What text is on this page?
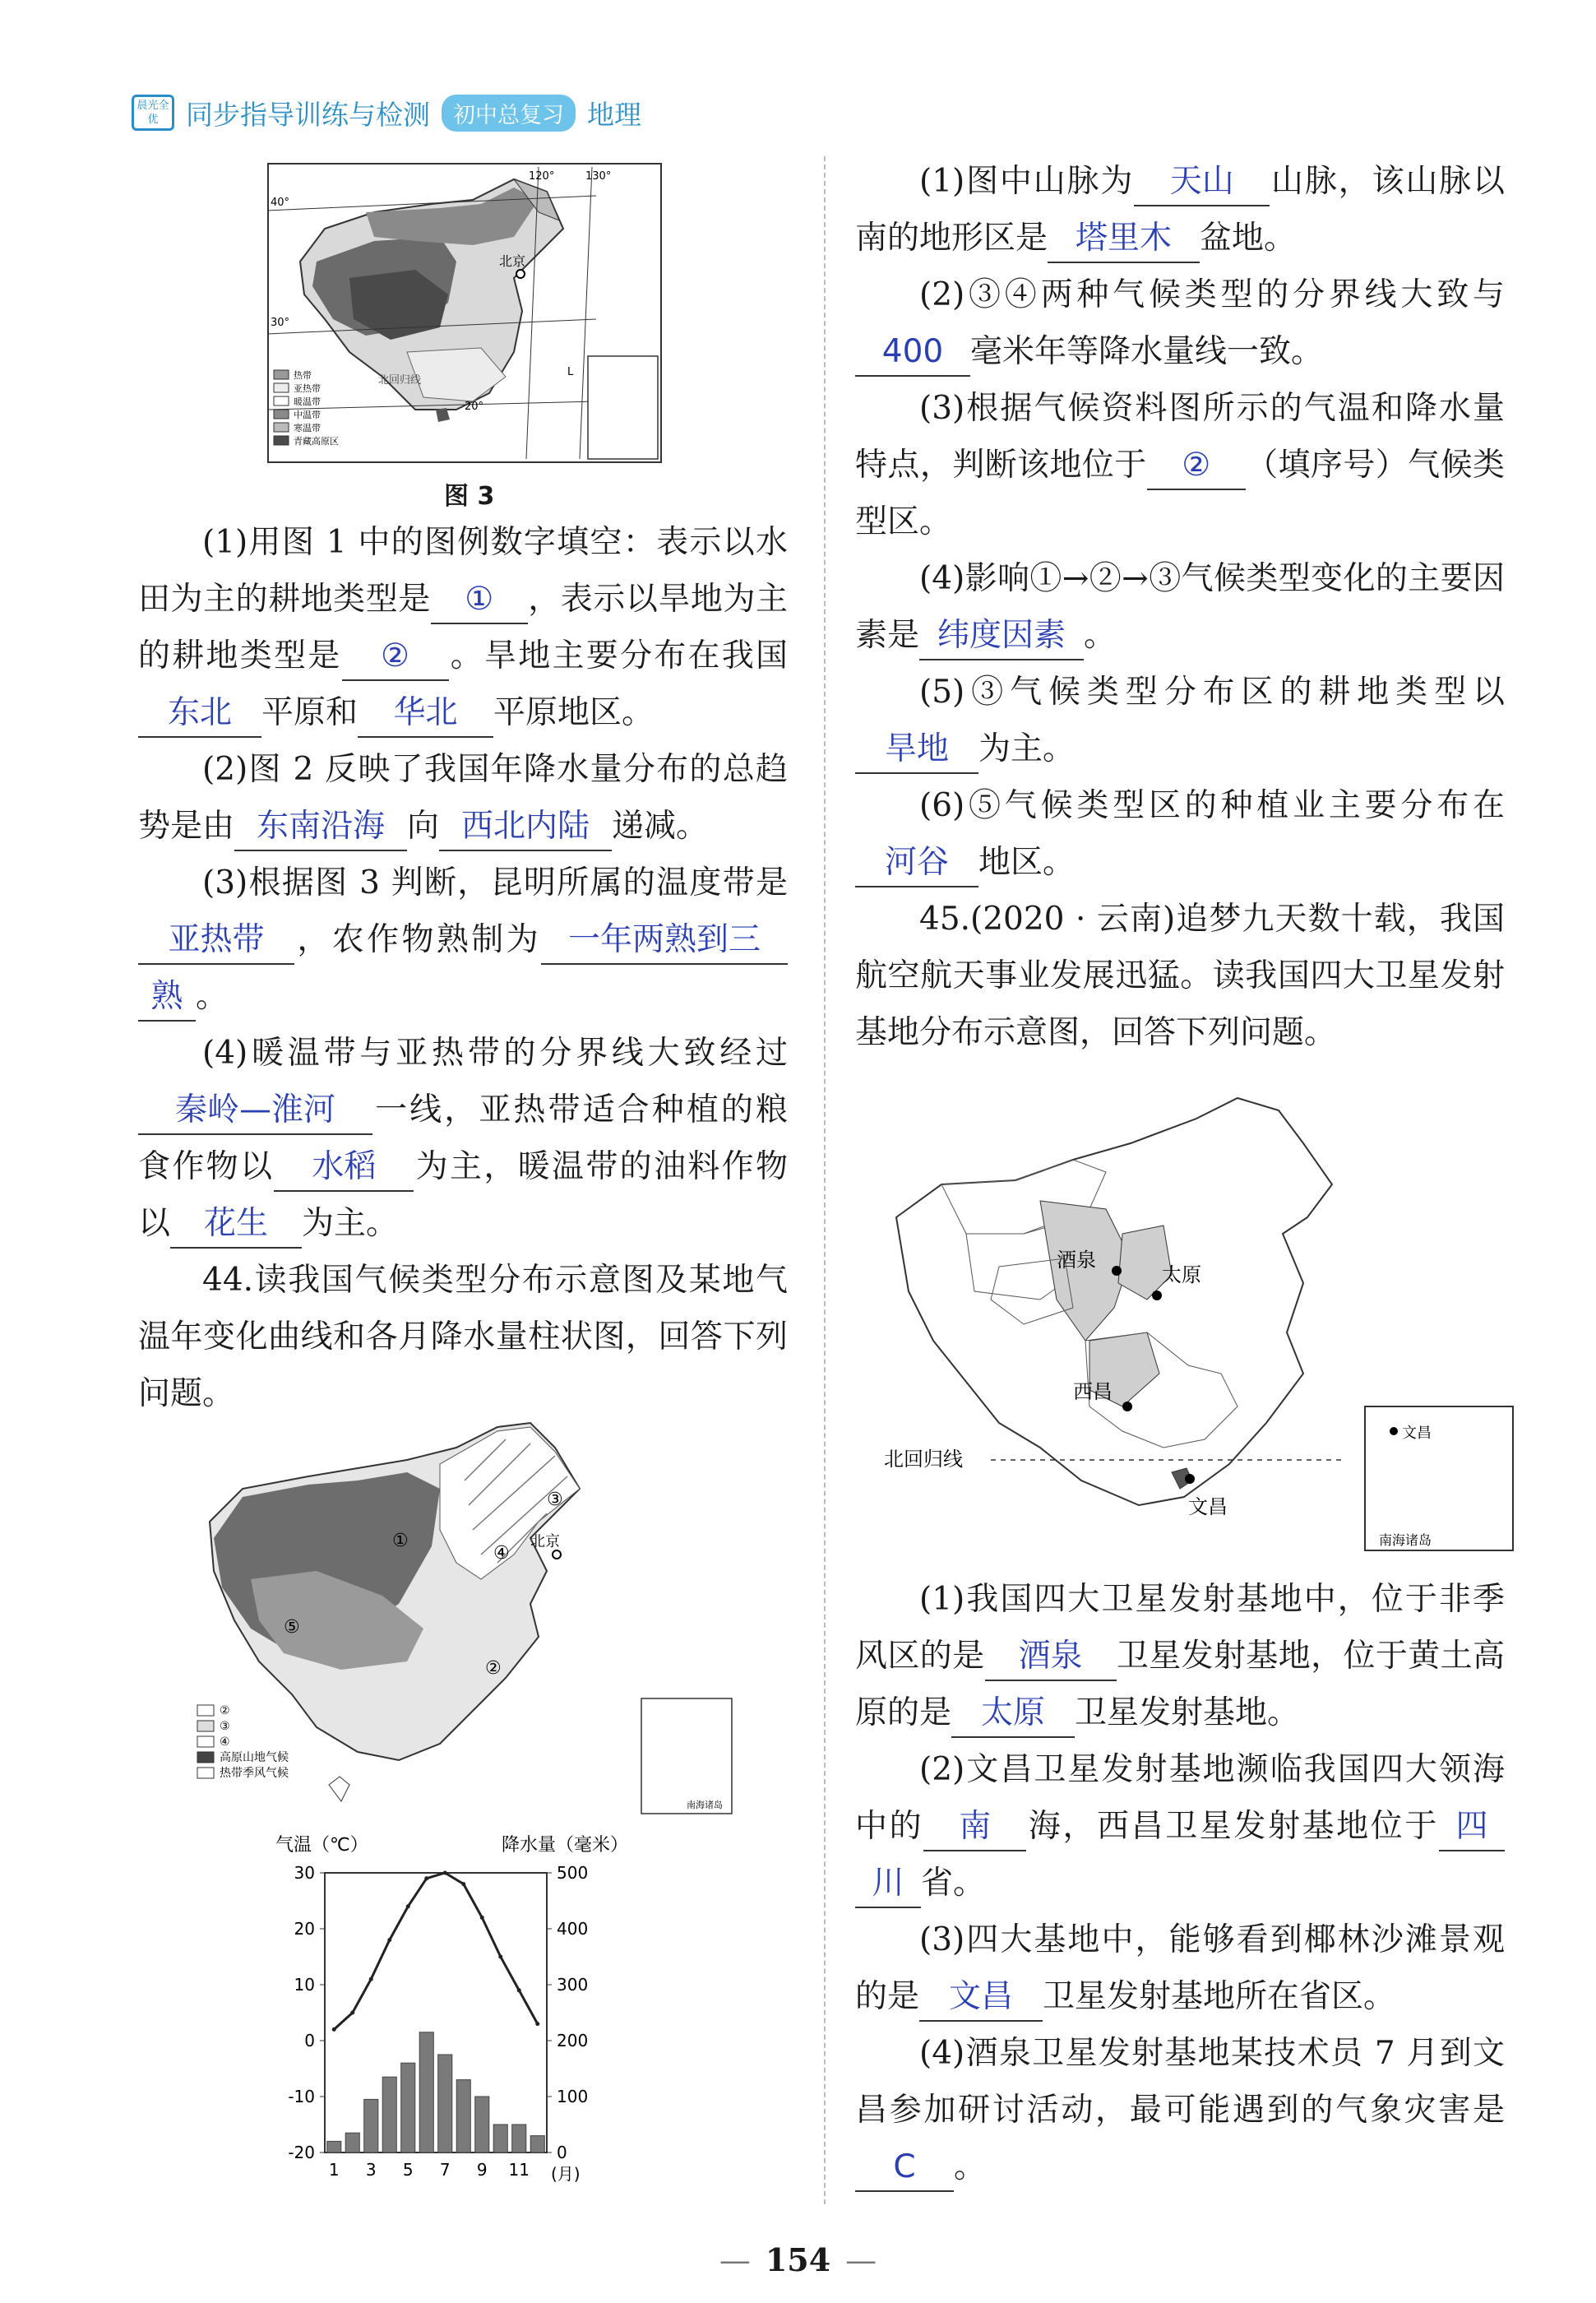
晨光全优	同步指导训练与检测	初中总复习 地理
120°	130°
40°
30°
20°
北京
北回归线
L
热带
亚热带
暖温带
中温带
寒温带
青藏高原区
图 3

(1)用图 1 中的图例数字填空：表示以水田为主的耕地类型是 ① ，表示以旱地为主的耕地类型是 ② 。旱地主要分布在我国东北 平原和 华北 平原地区。

(2)图 2 反映了我国年降水量分布的总趋势是由 东南沿海 向 西北内陆 递减。

(3)根据图 3 判断，昆明所属的温度带是亚热带 ，农作物熟制为 一年两熟到三熟 。

(4)暖温带与亚热带的分界线大致经过秦岭—淮河 一线，亚热带适合种植的粮食作物以 水稻 为主，暖温带的油料作物以 花生 为主。

44.读我国气候类型分布示意图及某地气温年变化曲线和各月降水量柱状图，回答下列问题。

①
②
③
④
⑤
北京
南海诸岛
②
③
④
高原山地气候
热带季风气候
气温（℃）	降水量（毫米）
(月)
30
20
10
0
-10
-20
500
400
300
200
100
0
1 3 5 7 9 11

(1)图中山脉为 天山 山脉，该山脉以南的地形区是 塔里木 盆地。

(2)③④两种气候类型的分界线大致与400 毫米年等降水量线一致。

(3)根据气候资料图所示的气温和降水量特点，判断该地位于 ② （填序号）气候类型区。

(4)影响①→②→③气候类型变化的主要因素是 纬度因素 。

(5)③气候类型分布区的耕地类型以旱地 为主。

(6)⑤气候类型区的种植业主要分布在河谷 地区。

45.(2020 · 云南)追梦九天数十载，我国航空航天事业发展迅猛。读我国四大卫星发射基地分布示意图，回答下列问题。

酒泉
太原
西昌
文昌
北回归线
文昌
南海诸岛

(1)我国四大卫星发射基地中，位于非季风区的是 酒泉 卫星发射基地，位于黄土高原的是 太原 卫星发射基地。

(2)文昌卫星发射基地濒临我国四大领海中的 南 海，西昌卫星发射基地位于 四川 省。

(3)四大基地中，能够看到椰林沙滩景观的是 文昌 卫星发射基地所在省区。

(4)酒泉卫星发射基地某技术员 7 月到文昌参加研讨活动，最可能遇到的气象灾害是C 。

— 154 —
